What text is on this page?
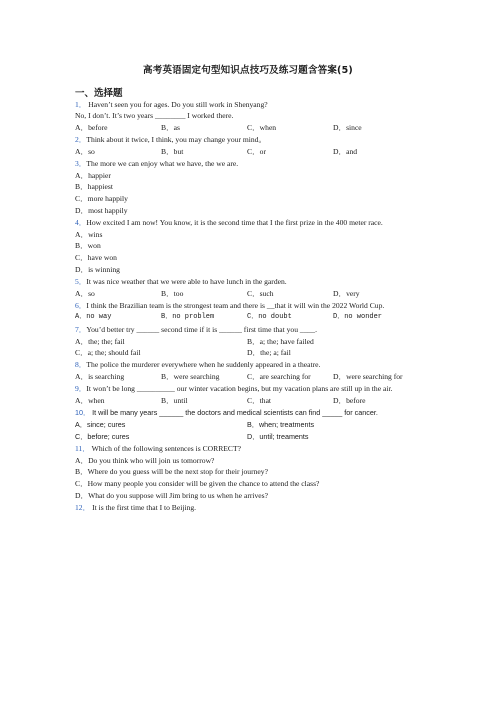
高考英语固定句型知识点技巧及练习题含答案(5)
一、选择题
1． Haven’t seen you for ages. Do you still work in Shenyang?
No, I don’t. It’s two years ________ I worked there.
A．before	B．as	C．when	D．since
2．Think about it twice, I think, you may change your mind。
A．so	B．but	C．or	D．and
3．The more we can enjoy what we have, the we are.
A．happier
B．happiest
C．more happily
D．most happily
4．How excited I am now! You know, it is the second time that I the first prize in the 400 meter race.
A．wins
B．won
C．have won
D．is winning
5．It was nice weather that we were able to have lunch in the garden.
A．so	B．too	C．such	D．very
6．I think the Brazilian team is the strongest team and there is __that it will win the 2022 World Cup.
A．no way	B．no problem	C．no doubt	D．no wonder
7．You’d better try ______ second time if it is ______ first time that you ____.
A．the; the; fail	B．a; the; have failed
C．a; the; should fail	D．the; a; fail
8．The police the murderer everywhere when he suddenly appeared in a theatre.
A．is searching	B．were searching	C．are searching for	D．were searching for
9．It won’t be long __________ our winter vacation begins, but my vacation plans are still up in the air.
A．when	B．until	C．that	D．before
10． It will be many years ______ the doctors and medical scientists can find _____ for cancer.
A．since; cures	B．when; treatments
C．before; cures	D．until; treaments
11． Which of the following sentences is CORRECT?
A．Do you think who will join us tomorrow?
B．Where do you guess will be the next stop for their journey?
C．How many people you consider will be given the chance to attend the class?
D．What do you suppose will Jim bring to us when he arrives?
12． It is the first time that I to Beijing.
